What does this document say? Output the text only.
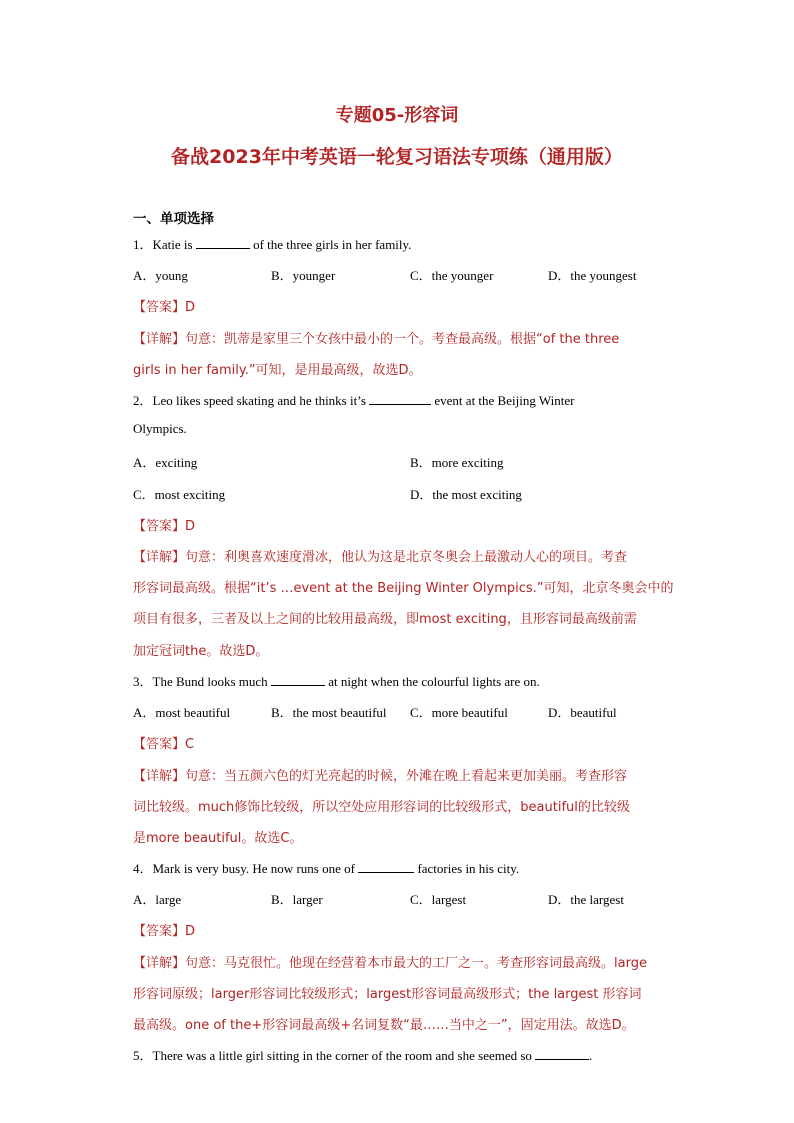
专题05-形容词
备战2023年中考英语一轮复习语法专项练（通用版）
一、单项选择
1．Katie is	of the three girls in her family.
A．young	B．younger	C．the younger	D．the youngest
【答案】D
【详解】句意：凯蒂是家里三个女孩中最小的一个。考查最高级。根据“of the three
girls in her family.”可知，是用最高级，故选D。
2．Leo likes speed skating and he thinks it’s	event at the Beijing Winter
Olympics.
A．exciting	B．more exciting
C．most exciting	D．the most exciting
【答案】D
【详解】句意：利奥喜欢速度滑冰，他认为这是北京冬奥会上最激动人心的项目。考查
形容词最高级。根据“it’s …event at the Beijing Winter Olympics.”可知，北京冬奥会中的
项目有很多，三者及以上之间的比较用最高级，即most exciting，且形容词最高级前需
加定冠词the。故选D。
3．The Bund looks much	at night when the colourful lights are on.
A．most beautiful	B．the most beautiful C．more beautiful	D．beautiful
【答案】C
【详解】句意：当五颜六色的灯光亮起的时候，外滩在晚上看起来更加美丽。考查形容
词比较级。much修饰比较级，所以空处应用形容词的比较级形式，beautiful的比较级
是more beautiful。故选C。
4．Mark is very busy. He now runs one of	factories in his city.
A．large	B．larger	C．largest	D．the largest
【答案】D
【详解】句意：马克很忙。他现在经营着本市最大的工厂之一。考查形容词最高级。large
形容词原级；larger形容词比较级形式；largest形容词最高级形式；the largest 形容词
最高级。one of the+形容词最高级+名词复数“最……当中之一”，固定用法。故选D。
5．There was a little girl sitting in the corner of the room and she seemed so	.
